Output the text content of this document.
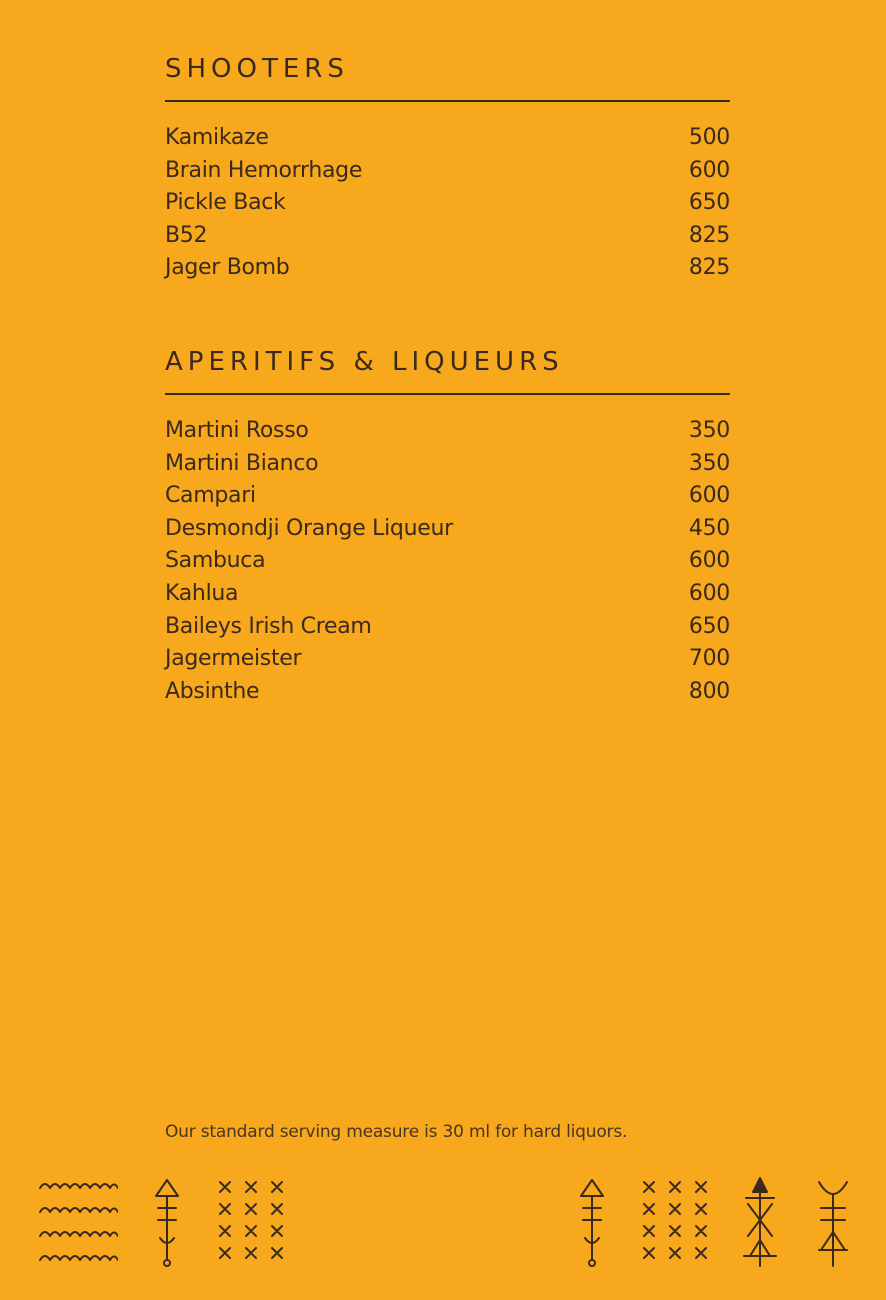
SHOOTERS
Kamikaze	500
Brain Hemorrhage	600
Pickle Back	650
B52	825
Jager Bomb	825
APERITIFS & LIQUEURS
Martini Rosso	350
Martini Bianco	350
Campari	600
Desmondji Orange Liqueur	450
Sambuca	600
Kahlua	600
Baileys Irish Cream	650
Jagermeister	700
Absinthe	800
Our standard serving measure is 30 ml for hard liquors.
